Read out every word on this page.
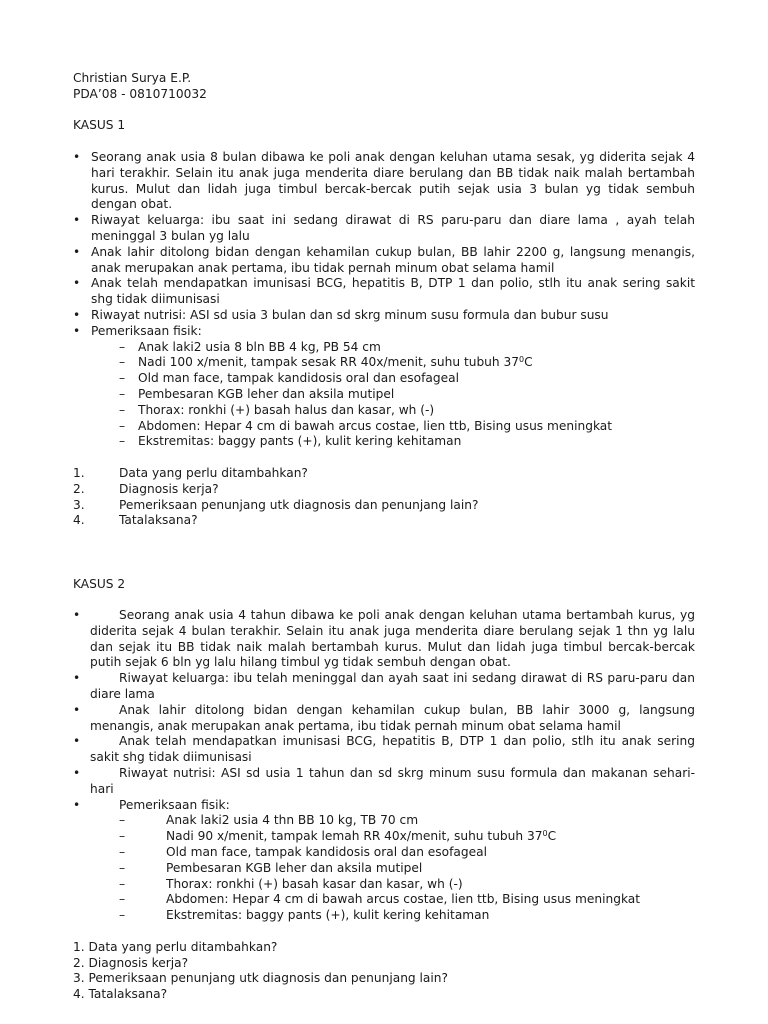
Christian Surya E.P.

PDA’08 - 0810710032

KASUS 1

• Seorang anak usia 8 bulan dibawa ke poli anak dengan keluhan utama sesak, yg diderita sejak 4 hari terakhir. Selain itu anak juga menderita diare berulang dan BB tidak naik malah bertambah kurus. Mulut dan lidah juga timbul bercak-bercak putih sejak usia 3 bulan yg tidak sembuh dengan obat.
• Riwayat keluarga: ibu saat ini sedang dirawat di RS paru-paru dan diare lama , ayah telah meninggal 3 bulan yg lalu
• Anak lahir ditolong bidan dengan kehamilan cukup bulan, BB lahir 2200 g, langsung menangis, anak merupakan anak pertama, ibu tidak pernah minum obat selama hamil
• Anak telah mendapatkan imunisasi BCG, hepatitis B, DTP 1 dan polio, stlh itu anak sering sakit shg tidak diimunisasi
• Riwayat nutrisi: ASI sd usia 3 bulan dan sd skrg minum susu formula dan bubur susu
• Pemeriksaan fisik:
– Anak laki2 usia 8 bln BB 4 kg, PB 54 cm
– Nadi 100 x/menit, tampak sesak RR 40x/menit, suhu tubuh $37^0C$
– Old man face, tampak kandidosis oral dan esofageal
– Pembesaran KGB leher dan aksila mutipel
– Thorax: ronkhi (+) basah halus dan kasar, wh (-)
– Abdomen: Hepar 4 cm di bawah arcus costae, lien ttb, Bising usus meningkat
– Ekstremitas: baggy pants (+), kulit kering kehitaman
1.	Data yang perlu ditambahkan?
2.	Diagnosis kerja?
3.	Pemeriksaan penunjang utk diagnosis dan penunjang lain?
4.	Tatalaksana?

KASUS 2

• Seorang anak usia 4 tahun dibawa ke poli anak dengan keluhan utama bertambah kurus, yg diderita sejak 4 bulan terakhir. Selain itu anak juga menderita diare berulang sejak 1 thn yg lalu dan sejak itu BB tidak naik malah bertambah kurus. Mulut dan lidah juga timbul bercak-bercak putih sejak 6 bln yg lalu hilang timbul yg tidak sembuh dengan obat.
• Riwayat keluarga: ibu telah meninggal dan ayah saat ini sedang dirawat di RS paru-paru dan diare lama
• Anak lahir ditolong bidan dengan kehamilan cukup bulan, BB lahir 3000 g, langsung menangis, anak merupakan anak pertama, ibu tidak pernah minum obat selama hamil
• Anak telah mendapatkan imunisasi BCG, hepatitis B, DTP 1 dan polio, stlh itu anak sering sakit shg tidak diimunisasi
• Riwayat nutrisi: ASI sd usia 1 tahun dan sd skrg minum susu formula dan makanan sehari-hari
• Pemeriksaan fisik:
– Anak laki2 usia 4 thn BB 10 kg, TB 70 cm
– Nadi 90 x/menit, tampak lemah RR 40x/menit, suhu tubuh $37^0C$
– Old man face, tampak kandidosis oral dan esofageal
– Pembesaran KGB leher dan aksila mutipel
– Thorax: ronkhi (+) basah kasar dan kasar, wh (-)
– Abdomen: Hepar 4 cm di bawah arcus costae, lien ttb, Bising usus meningkat
– Ekstremitas: baggy pants (+), kulit kering kehitaman

1. Data yang perlu ditambahkan?

2. Diagnosis kerja?

3. Pemeriksaan penunjang utk diagnosis dan penunjang lain?

4. Tatalaksana?
